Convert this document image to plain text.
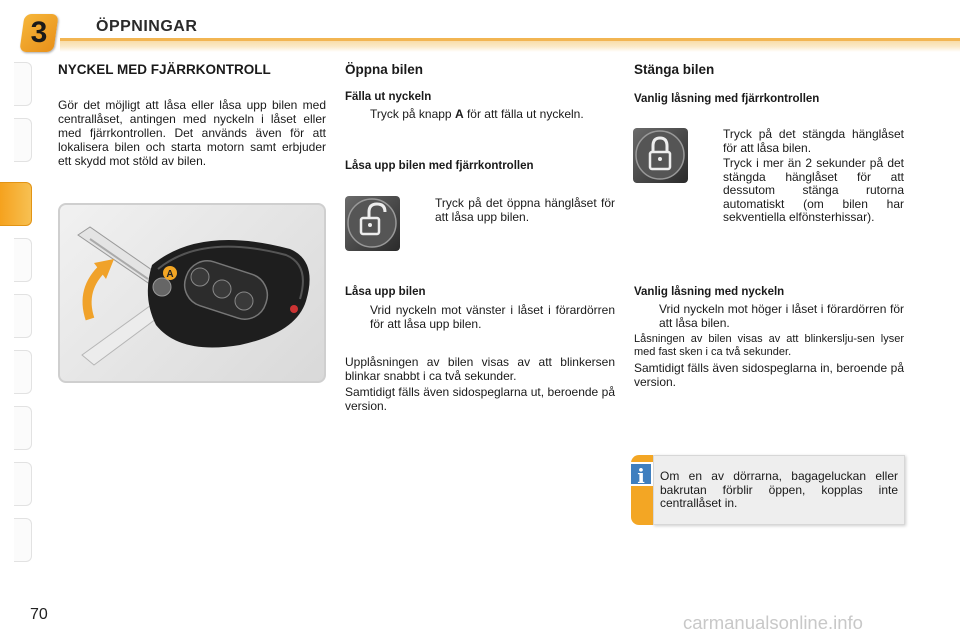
3	ÖPPNINGAR
NYCKEL MED FJÄRRKONTROLL
Gör det möjligt att låsa eller låsa upp bilen med centrallåset, antingen med nyckeln i låset eller med fjärrkontrollen. Det används även för att lokalisera bilen och starta motorn samt erbjuder ett skydd mot stöld av bilen.
A
Öppna bilen
Fälla ut nyckeln
Tryck på knapp A för att fälla ut nyckeln.
Låsa upp bilen med fjärrkontrollen
Tryck på det öppna hänglåset för att låsa upp bilen.
Låsa upp bilen
Vrid nyckeln mot vänster i låset i förardörren för att låsa upp bilen.
Upplåsningen av bilen visas av att blinkersen blinkar snabbt i ca två sekunder.
Samtidigt fälls även sidospeglarna ut, beroende på version.
Stänga bilen
Vanlig låsning med fjärrkontrollen
Tryck på det stängda hänglåset för att låsa bilen.
Tryck i mer än 2 sekunder på det stängda hänglåset för att dessutom stänga rutorna automatiskt (om bilen har sekventiella elfönsterhissar).
Vanlig låsning med nyckeln
Vrid nyckeln mot höger i låset i förardörren för att låsa bilen.
Låsningen av bilen visas av att blinkerslju-sen lyser med fast sken i ca två sekunder.
Samtidigt fälls även sidospeglarna in, beroende på version.
i	Om en av dörrarna, bagageluckan eller bakrutan förblir öppen, kopplas inte centrallåset in.
70	carmanualsonline.info
